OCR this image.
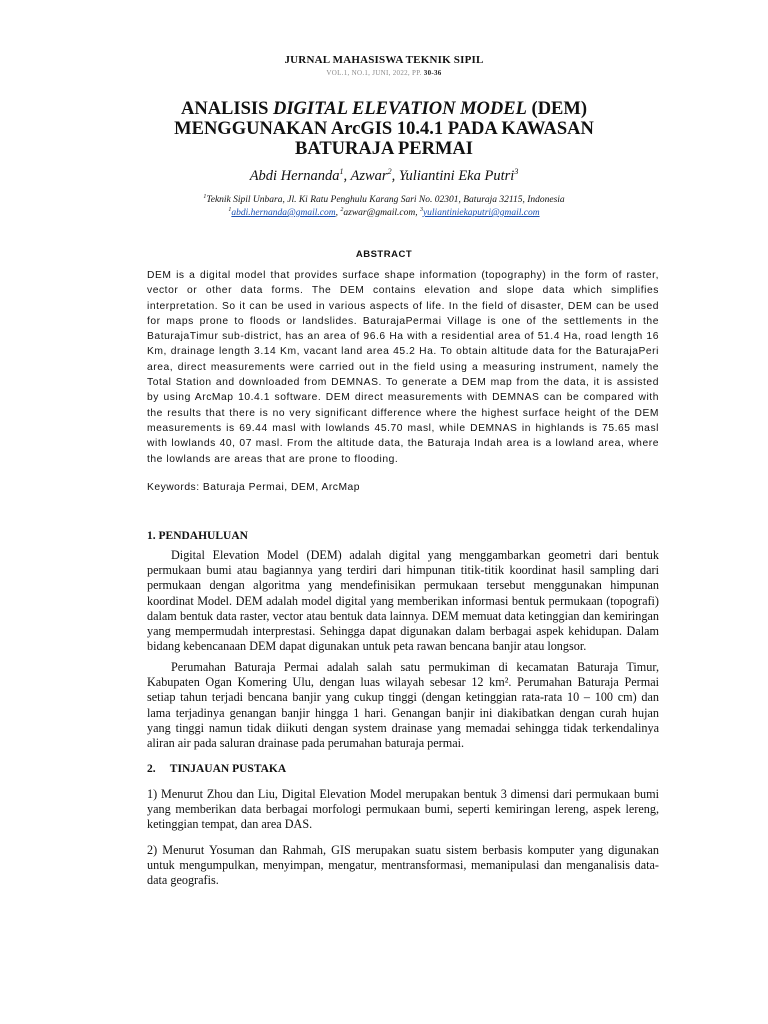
JURNAL MAHASISWA TEKNIK SIPIL
VOL.1, NO.1, JUNI, 2022, PP. 30-36
ANALISIS DIGITAL ELEVATION MODEL (DEM)
MENGGUNAKAN ArcGIS 10.4.1 PADA KAWASAN
BATURAJA PERMAI
Abdi Hernanda$^1$, Azwar$^2$, Yuliantini Eka Putri$^3$
$^1$Teknik Sipil Unbara, Jl. Ki Ratu Penghulu Karang Sari No. 02301, Baturaja 32115, Indonesia
$^1$abdi.hernanda@gmail.com, $^2$azwar@gmail.com, $^3$yuliantiniekaputri@gmail.com
ABSTRACT
DEM is a digital model that provides surface shape information (topography) in the form of raster, vector or other data forms. The DEM contains elevation and slope data which simplifies interpretation. So it can be used in various aspects of life. In the field of disaster, DEM can be used for maps prone to floods or landslides. BaturajaPermai Village is one of the settlements in the BaturajaTimur sub-district, has an area of 96.6 Ha with a residential area of 51.4 Ha, road length 16 Km, drainage length 3.14 Km, vacant land area 45.2 Ha. To obtain altitude data for the BaturajaPeri area, direct measurements were carried out in the field using a measuring instrument, namely the Total Station and downloaded from DEMNAS. To generate a DEM map from the data, it is assisted by using ArcMap 10.4.1 software. DEM direct measurements with DEMNAS can be compared with the results that there is no very significant difference where the highest surface height of the DEM measurements is 69.44 masl with lowlands 45.70 masl, while DEMNAS in highlands is 75.65 masl with lowlands 40, 07 masl. From the altitude data, the Baturaja Indah area is a lowland area, where the lowlands are areas that are prone to flooding.
Keywords: Baturaja Permai, DEM, ArcMap
1. PENDAHULUAN

Digital Elevation Model (DEM) adalah digital yang menggambarkan geometri dari bentuk permukaan bumi atau bagiannya yang terdiri dari himpunan titik-titik koordinat hasil sampling dari permukaan dengan algoritma yang mendefinisikan permukaan tersebut menggunakan himpunan koordinat Model. DEM adalah model digital yang memberikan informasi bentuk permukaan (topografi) dalam bentuk data raster, vector atau bentuk data lainnya. DEM memuat data ketinggian dan kemiringan yang mempermudah interprestasi. Sehingga dapat digunakan dalam berbagai aspek kehidupan. Dalam bidang kebencanaan DEM dapat digunakan untuk peta rawan bencana banjir atau longsor.

Perumahan Baturaja Permai adalah salah satu permukiman di kecamatan Baturaja Timur, Kabupaten Ogan Komering Ulu, dengan luas wilayah sebesar 12 km². Perumahan Baturaja Permai setiap tahun terjadi bencana banjir yang cukup tinggi (dengan ketinggian rata-rata 10 – 100 cm) dan lama terjadinya genangan banjir hingga 1 hari. Genangan banjir ini diakibatkan dengan curah hujan yang tinggi namun tidak diikuti dengan system drainase yang memadai sehingga tidak terkendalinya aliran air pada saluran drainase pada perumahan baturaja permai.

2.     TINJAUAN PUSTAKA

1) Menurut Zhou dan Liu, Digital Elevation Model merupakan bentuk 3 dimensi dari permukaan bumi yang memberikan data berbagai morfologi permukaan bumi, seperti kemiringan lereng, aspek lereng, ketinggian tempat, dan area DAS.

2) Menurut Yosuman dan Rahmah, GIS merupakan suatu sistem berbasis komputer yang digunakan untuk mengumpulkan, menyimpan, mengatur, mentransformasi, memanipulasi dan menganalisis data-data geografis.
